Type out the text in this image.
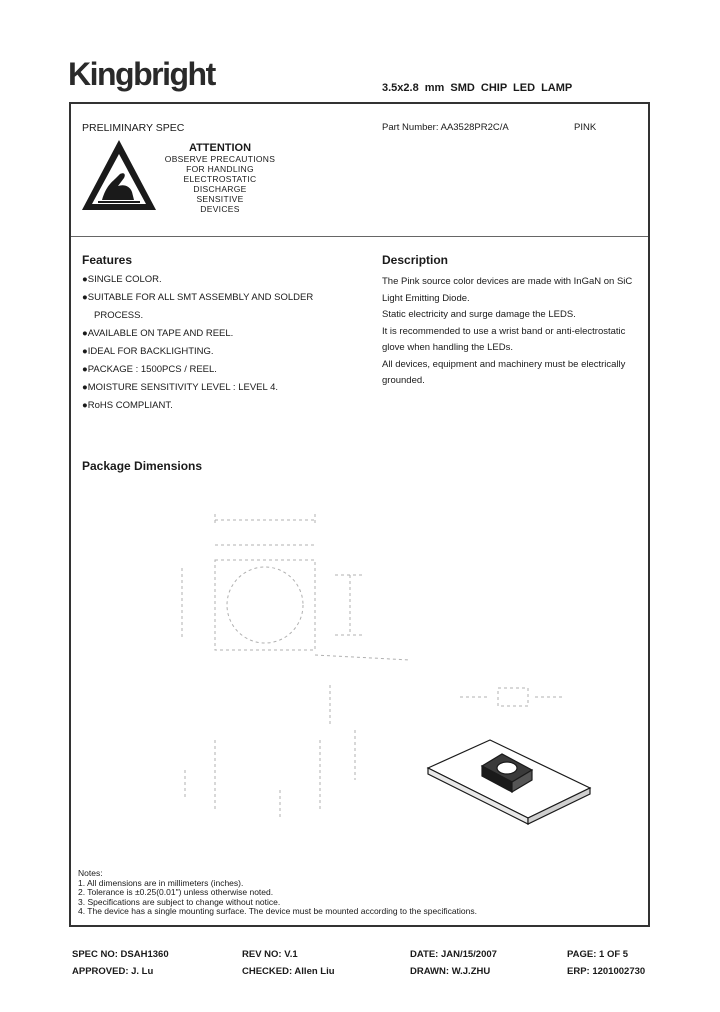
Kingbright	3.5x2.8 mm SMD CHIP LED LAMP
PRELIMINARY SPEC	Part Number: AA3528PR2C/A	PINK
ATTENTION
OBSERVE PRECAUTIONS
FOR HANDLING
ELECTROSTATIC
DISCHARGE
SENSITIVE
DEVICES
Features
●SINGLE COLOR.
●SUITABLE FOR ALL SMT ASSEMBLY AND SOLDER
PROCESS.
●AVAILABLE ON TAPE AND REEL.
●IDEAL FOR BACKLIGHTING.
●PACKAGE : 1500PCS / REEL.
●MOISTURE SENSITIVITY LEVEL : LEVEL 4.
●RoHS COMPLIANT.
Description
The Pink source color devices are made with InGaN on SiC
Light Emitting Diode.
Static electricity and surge damage the LEDS.
It is recommended to use a wrist band or anti-electrostatic
glove when handling the LEDs.
All devices, equipment and machinery must be electrically
grounded.
Package Dimensions
Notes:
1. All dimensions are in millimeters (inches).
2. Tolerance is ±0.25(0.01") unless otherwise noted.
3. Specifications are subject to change without notice.
4. The device has a single mounting surface. The device must be mounted according to the specifications.
SPEC NO: DSAH1360	REV NO: V.1	DATE: JAN/15/2007	PAGE: 1 OF 5
APPROVED: J. Lu	CHECKED: Allen Liu	DRAWN: W.J.ZHU	ERP: 1201002730
